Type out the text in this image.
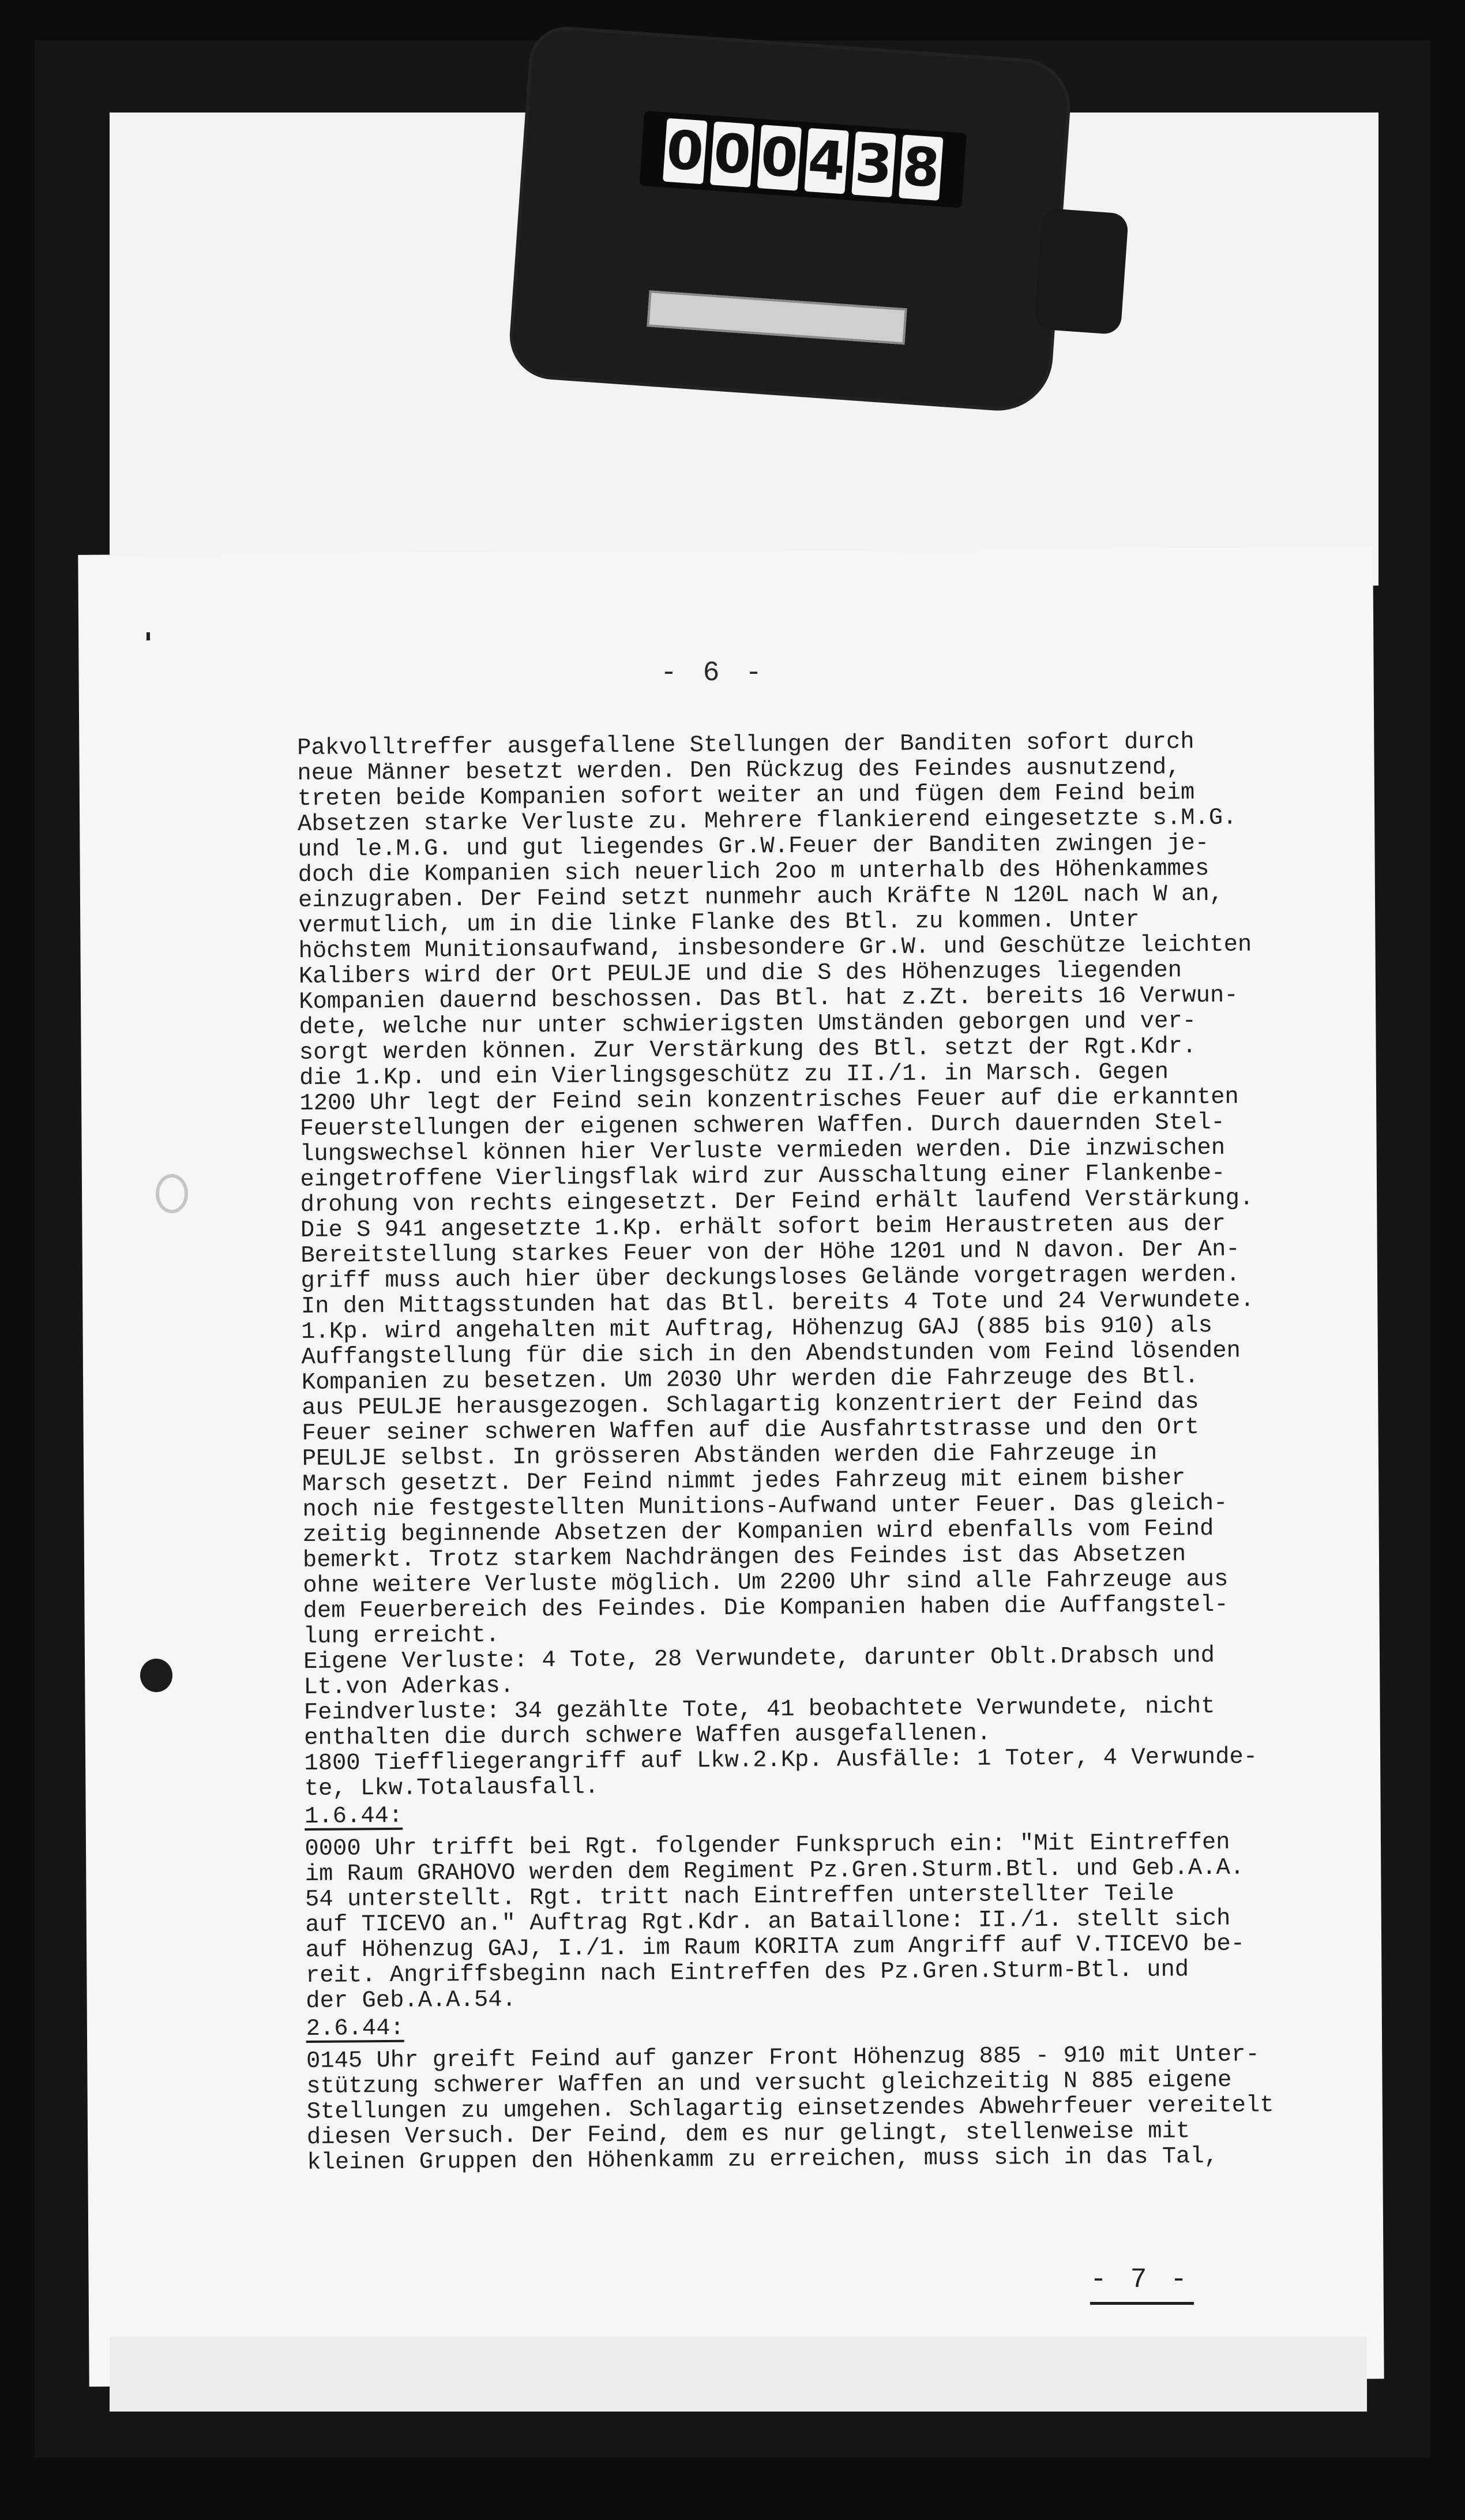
0 0 0 4 3 8
- 6 -
Pakvolltreffer ausgefallene Stellungen der Banditen sofort durch
neue Männer besetzt werden. Den Rückzug des Feindes ausnutzend,
treten beide Kompanien sofort weiter an und fügen dem Feind beim
Absetzen starke Verluste zu. Mehrere flankierend eingesetzte s.M.G.
und le.M.G. und gut liegendes Gr.W.Feuer der Banditen zwingen je-
doch die Kompanien sich neuerlich 2oo m unterhalb des Höhenkammes
einzugraben. Der Feind setzt nunmehr auch Kräfte N 120L nach W an,
vermutlich, um in die linke Flanke des Btl. zu kommen. Unter
höchstem Munitionsaufwand, insbesondere Gr.W. und Geschütze leichten
Kalibers wird der Ort PEULJE und die S des Höhenzuges liegenden
Kompanien dauernd beschossen. Das Btl. hat z.Zt. bereits 16 Verwun-
dete, welche nur unter schwierigsten Umständen geborgen und ver-
sorgt werden können. Zur Verstärkung des Btl. setzt der Rgt.Kdr.
die 1.Kp. und ein Vierlingsgeschütz zu II./1. in Marsch. Gegen
1200 Uhr legt der Feind sein konzentrisches Feuer auf die erkannten
Feuerstellungen der eigenen schweren Waffen. Durch dauernden Stel-
lungswechsel können hier Verluste vermieden werden. Die inzwischen
eingetroffene Vierlingsflak wird zur Ausschaltung einer Flankenbe-
drohung von rechts eingesetzt. Der Feind erhält laufend Verstärkung.
Die S 941 angesetzte 1.Kp. erhält sofort beim Heraustreten aus der
Bereitstellung starkes Feuer von der Höhe 1201 und N davon. Der An-
griff muss auch hier über deckungsloses Gelände vorgetragen werden.
In den Mittagsstunden hat das Btl. bereits 4 Tote und 24 Verwundete.
1.Kp. wird angehalten mit Auftrag, Höhenzug GAJ (885 bis 910) als
Auffangstellung für die sich in den Abendstunden vom Feind lösenden
Kompanien zu besetzen. Um 2030 Uhr werden die Fahrzeuge des Btl.
aus PEULJE herausgezogen. Schlagartig konzentriert der Feind das
Feuer seiner schweren Waffen auf die Ausfahrtstrasse und den Ort
PEULJE selbst. In grösseren Abständen werden die Fahrzeuge in
Marsch gesetzt. Der Feind nimmt jedes Fahrzeug mit einem bisher
noch nie festgestellten Munitions-Aufwand unter Feuer. Das gleich-
zeitig beginnende Absetzen der Kompanien wird ebenfalls vom Feind
bemerkt. Trotz starkem Nachdrängen des Feindes ist das Absetzen
ohne weitere Verluste möglich. Um 2200 Uhr sind alle Fahrzeuge aus
dem Feuerbereich des Feindes. Die Kompanien haben die Auffangstel-
lung erreicht.
Eigene Verluste: 4 Tote, 28 Verwundete, darunter Oblt.Drabsch und
Lt.von Aderkas.
Feindverluste: 34 gezählte Tote, 41 beobachtete Verwundete, nicht
enthalten die durch schwere Waffen ausgefallenen.
1800 Tieffliegerangriff auf Lkw.2.Kp. Ausfälle: 1 Toter, 4 Verwunde-
te, Lkw.Totalausfall.
1.6.44:
0000 Uhr trifft bei Rgt. folgender Funkspruch ein: "Mit Eintreffen
im Raum GRAHOVO werden dem Regiment Pz.Gren.Sturm.Btl. und Geb.A.A.
54 unterstellt. Rgt. tritt nach Eintreffen unterstellter Teile
auf TICEVO an." Auftrag Rgt.Kdr. an Bataillone: II./1. stellt sich
auf Höhenzug GAJ, I./1. im Raum KORITA zum Angriff auf V.TICEVO be-
reit. Angriffsbeginn nach Eintreffen des Pz.Gren.Sturm-Btl. und
der Geb.A.A.54.
2.6.44:
0145 Uhr greift Feind auf ganzer Front Höhenzug 885 - 910 mit Unter-
stützung schwerer Waffen an und versucht gleichzeitig N 885 eigene
Stellungen zu umgehen. Schlagartig einsetzendes Abwehrfeuer vereitelt
diesen Versuch. Der Feind, dem es nur gelingt, stellenweise mit
kleinen Gruppen den Höhenkamm zu erreichen, muss sich in das Tal,
- 7 -
